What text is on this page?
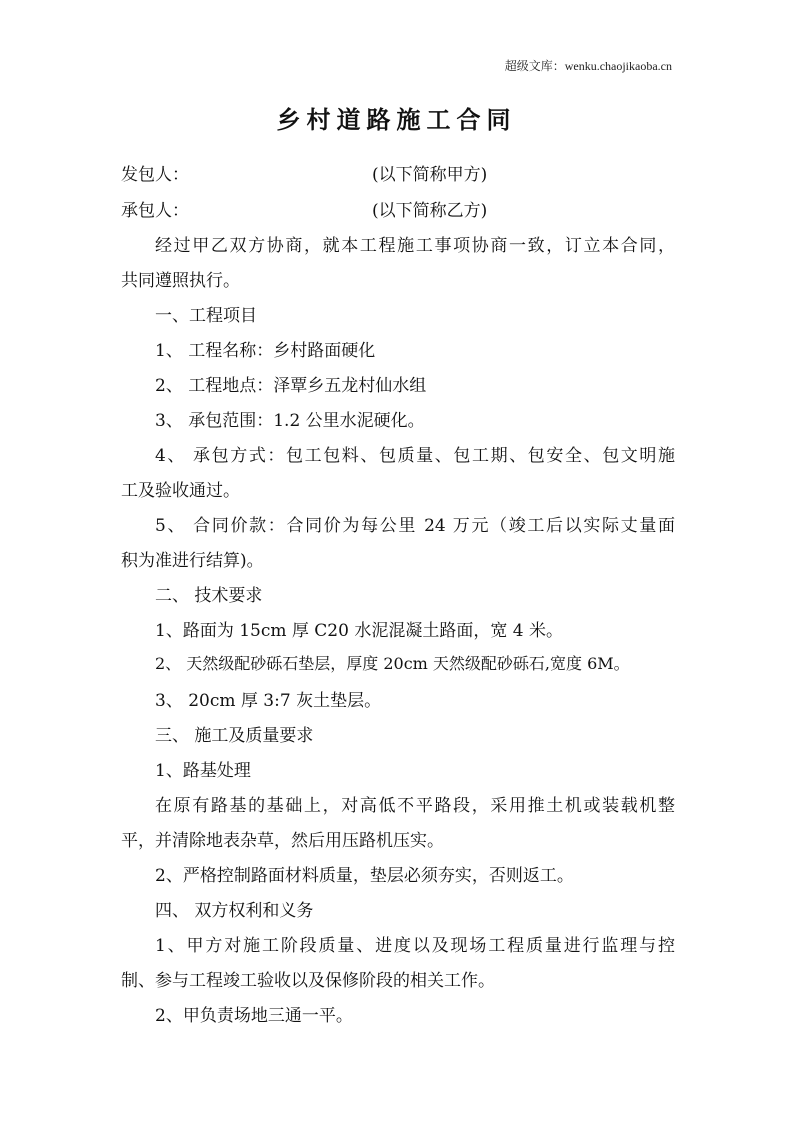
超级文库：wenku.chaojikaoba.cn
乡村道路施工合同
发包人：	(以下简称甲方)
承包人：	(以下简称乙方)
经过甲乙双方协商，就本工程施工事项协商一致，订立本合同，
共同遵照执行。
一、工程项目
1、 工程名称：乡村路面硬化
2、 工程地点：泽覃乡五龙村仙水组
3、 承包范围：1.2 公里水泥硬化。
4、 承包方式：包工包料、包质量、包工期、包安全、包文明施
工及验收通过。
5、 合同价款：合同价为每公里 24 万元（竣工后以实际丈量面
积为准进行结算)。
二、 技术要求
1、路面为 15cm 厚 C20 水泥混凝土路面，宽 4 米。
2、 天然级配砂砾石垫层，厚度 20cm 天然级配砂砾石,宽度 6M。
3、 20cm 厚 3:7 灰土垫层。
三、 施工及质量要求
1、路基处理
在原有路基的基础上，对高低不平路段，采用推土机或装载机整
平，并清除地表杂草，然后用压路机压实。
2、严格控制路面材料质量，垫层必须夯实，否则返工。
四、 双方权利和义务
1、甲方对施工阶段质量、进度以及现场工程质量进行监理与控
制、参与工程竣工验收以及保修阶段的相关工作。
2、甲负责场地三通一平。
